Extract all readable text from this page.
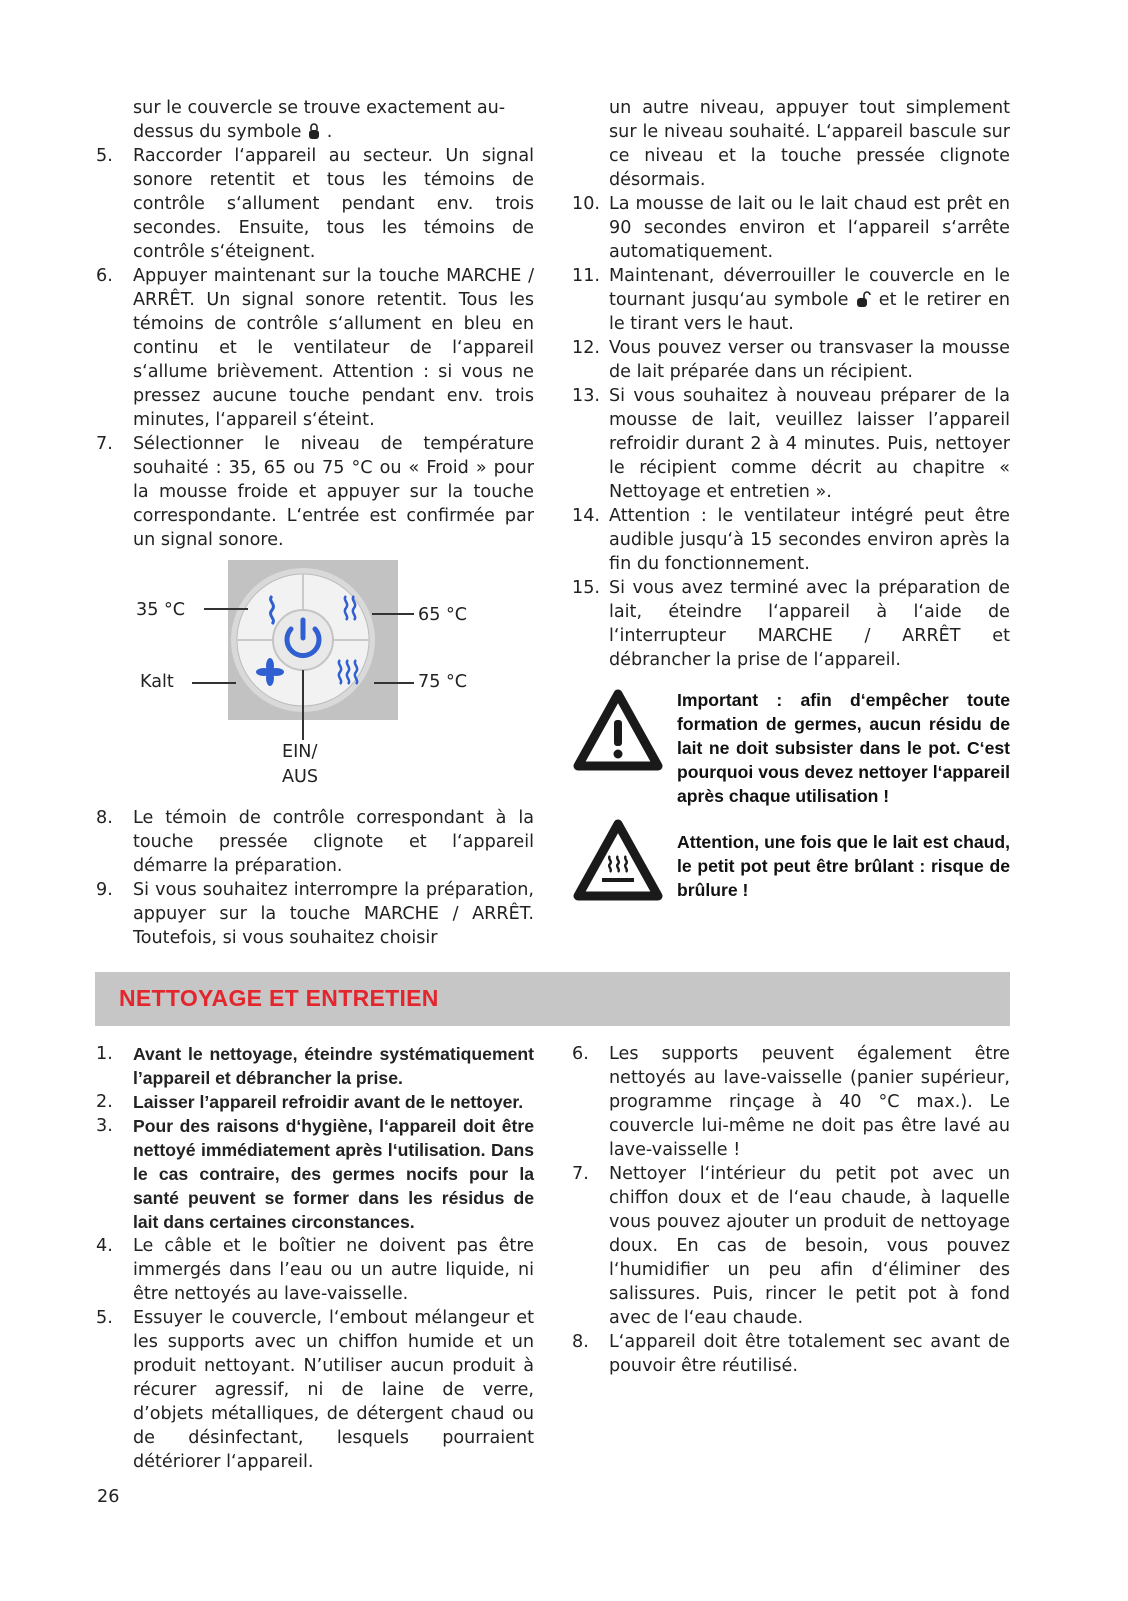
sur le couvercle se trouve exactement au-
dessus du symbole  .
5. Raccorder l‘appareil au secteur. Un signal sonore retentit et tous les témoins de contrôle s‘allument pendant env. trois secondes. Ensuite, tous les témoins de contrôle s‘éteignent.
6. Appuyer maintenant sur la touche MARCHE / ARRÊT. Un signal sonore retentit. Tous les témoins de contrôle s‘allument en bleu en continu et le ventilateur de l‘appareil s‘allume brièvement. Attention : si vous ne pressez aucune touche pendant env. trois minutes, l‘appareil s‘éteint.
7. Sélectionner le niveau de température souhaité : 35, 65 ou 75 °C ou « Froid » pour la mousse froide et appuyer sur la touche correspondante. L‘entrée est confirmée par un signal sonore.
35 °C	65 °C
Kalt	75 °C
EIN/
AUS
8. Le témoin de contrôle correspondant à la touche pressée clignote et l‘appareil démarre la préparation.
9. Si vous souhaitez interrompre la préparation, appuyer sur la touche MARCHE / ARRÊT. Toutefois, si vous souhaitez choisir
un autre niveau, appuyer tout simplement sur le niveau souhaité. L‘appareil bascule sur ce niveau et la touche pressée clignote désormais.
10. La mousse de lait ou le lait chaud est prêt en 90 secondes environ et l‘appareil s‘arrête automatiquement.
11. Maintenant, déverrouiller le couvercle en le tournant jusqu‘au symbole et le retirer en le tirant vers le haut.
12. Vous pouvez verser ou transvaser la mousse de lait préparée dans un récipient.
13. Si vous souhaitez à nouveau préparer de la mousse de lait, veuillez laisser l’appareil refroidir durant 2 à 4 minutes. Puis, nettoyer le récipient comme décrit au chapitre « Nettoyage et entretien ».
14. Attention : le ventilateur intégré peut être audible jusqu‘à 15 secondes environ après la fin du fonctionnement.
15. Si vous avez terminé avec la préparation de lait, éteindre l‘appareil à l‘aide de l‘interrupteur MARCHE / ARRÊT et débrancher la prise de l‘appareil.
Important : afin d‘empêcher toute formation de germes, aucun résidu de lait ne doit subsister dans le pot. C‘est pourquoi vous devez nettoyer l‘appareil après chaque utilisation !
Attention, une fois que le lait est chaud, le petit pot peut être brûlant : risque de brûlure !
NETTOYAGE ET ENTRETIEN
1. Avant le nettoyage, éteindre systématiquement l’appareil et débrancher la prise.
2. Laisser l’appareil refroidir avant de le nettoyer.
3. Pour des raisons d‘hygiène, l‘appareil doit être nettoyé immédiatement après l‘utilisation. Dans le cas contraire, des germes nocifs pour la santé peuvent se former dans les résidus de lait dans certaines circonstances.
4. Le câble et le boîtier ne doivent pas être immergés dans l’eau ou un autre liquide, ni être nettoyés au lave-vaisselle.
5. Essuyer le couvercle, l‘embout mélangeur et les supports avec un chiffon humide et un produit nettoyant. N’utiliser aucun produit à récurer agressif, ni de laine de verre, d’objets métalliques, de détergent chaud ou de désinfectant, lesquels pourraient détériorer l‘appareil.
6. Les supports peuvent également être nettoyés au lave-vaisselle (panier supérieur, programme rinçage à 40 °C max.). Le couvercle lui-même ne doit pas être lavé au lave-vaisselle !
7. Nettoyer l‘intérieur du petit pot avec un chiffon doux et de l‘eau chaude, à laquelle vous pouvez ajouter un produit de nettoyage doux. En cas de besoin, vous pouvez l‘humidifier un peu afin d‘éliminer des salissures. Puis, rincer le petit pot à fond avec de l‘eau chaude.
8. L‘appareil doit être totalement sec avant de pouvoir être réutilisé.
26
